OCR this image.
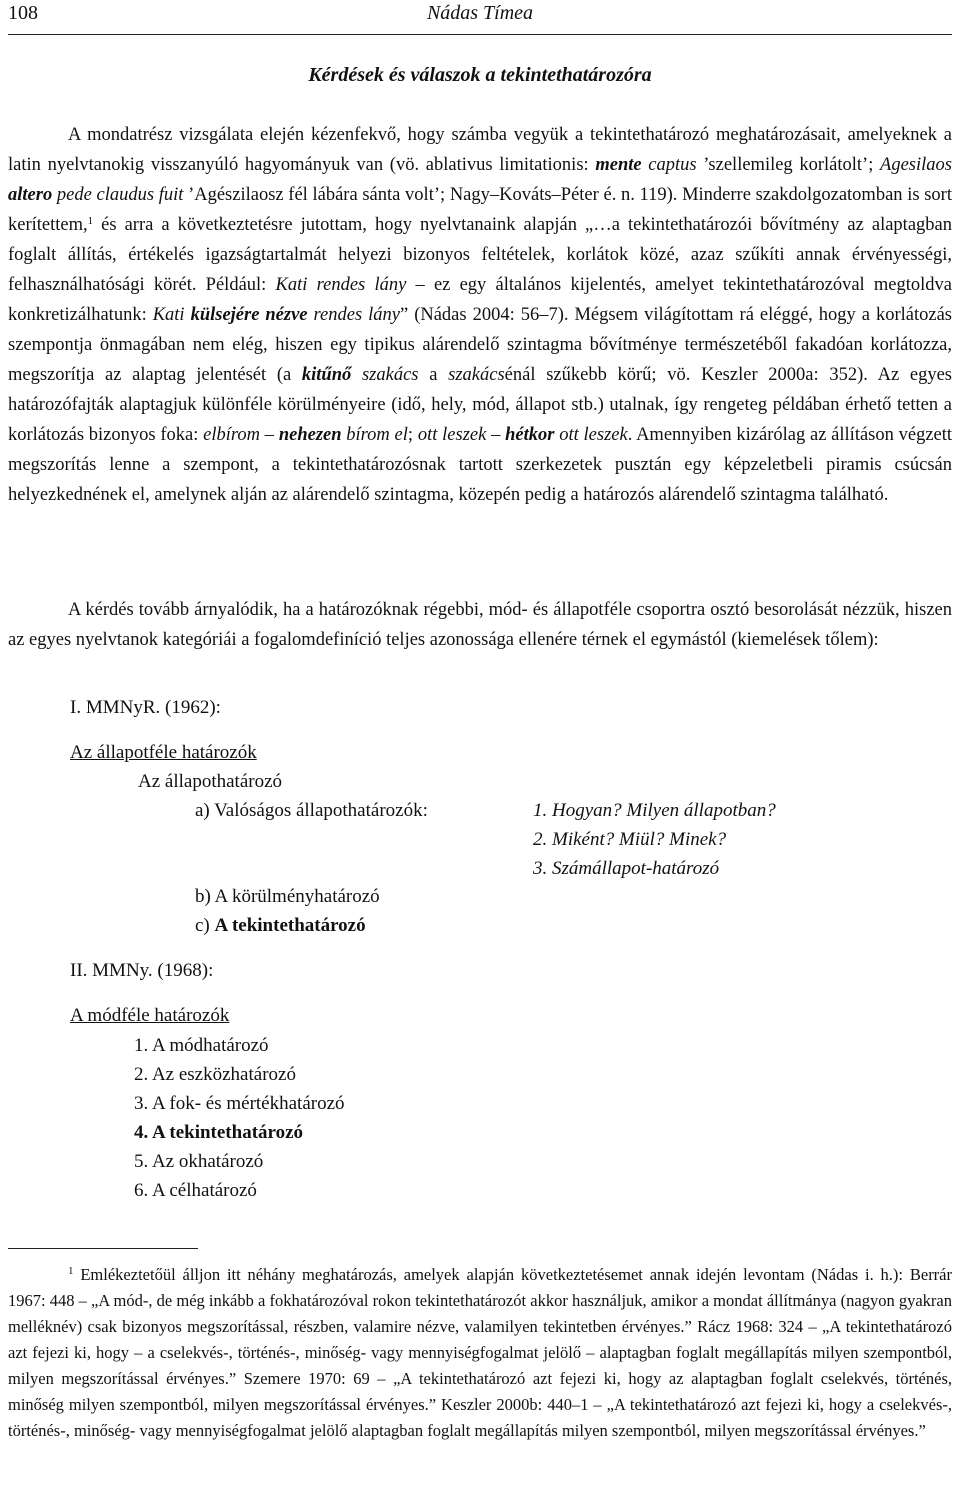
108	Nádas Tímea
Kérdések és válaszok a tekintethatározóra

A mondatrész vizsgálata elején kézenfekvő, hogy számba vegyük a tekintethatározó meghatározásait, amelyeknek a latin nyelvtanokig visszanyúló hagyományuk van (vö. ablativus limitationis: mente captus ’szellemileg korlátolt’; Agesilaos altero pede claudus fuit ’Agészilaosz fél lábára sánta volt’; Nagy–Kováts–Péter é. n. 119). Minderre szakdolgozatomban is sort kerítettem,$^1$ és arra a következtetésre jutottam, hogy nyelvtanaink alapján „…a tekintethatározói bővítmény az alaptagban foglalt állítás, értékelés igazságtartalmát helyezi bizonyos feltételek, korlátok közé, azaz szűkíti annak érvényességi, felhasználhatósági körét. Például: Kati rendes lány – ez egy általános kijelentés, amelyet tekintethatározóval megtoldva konkretizálhatunk: Kati külsejére nézve rendes lány” (Nádas 2004: 56–7). Mégsem világítottam rá eléggé, hogy a korlátozás szempontja önmagában nem elég, hiszen egy tipikus alárendelő szintagma bővítménye természetéből fakadóan korlátozza, megszorítja az alaptag jelentését (a kitűnő szakács a szakácsénál szűkebb körű; vö. Keszler 2000a: 352). Az egyes határozófajták alaptagjuk különféle körülményeire (idő, hely, mód, állapot stb.) utalnak, így rengeteg példában érhető tetten a korlátozás bizonyos foka: elbírom – nehezen bírom el; ott leszek – hétkor ott leszek. Amennyiben kizárólag az állításon végzett megszorítás lenne a szempont, a tekintethatározósnak tartott szerkezetek pusztán egy képzeletbeli piramis csúcsán helyezkednének el, amelynek alján az alárendelő szintagma, közepén pedig a határozós alárendelő szintagma található.

A kérdés tovább árnyalódik, ha a határozóknak régebbi, mód- és állapotféle csoportra osztó besorolását nézzük, hiszen az egyes nyelvtanok kategóriái a fogalomdefiníció teljes azonossága ellenére térnek el egymástól (kiemelések tőlem):

I. MMNyR. (1962):
Az állapotféle határozók
Az állapothatározó
a) Valóságos állapothatározók:	1. Hogyan? Milyen állapotban?
2. Miként? Miül? Minek?
3. Számállapot-határozó
b) A körülményhatározó
c) A tekintethatározó
II. MMNy. (1968):
A módféle határozók
1. A módhatározó
2. Az eszközhatározó
3. A fok- és mértékhatározó
4. A tekintethatározó
5. Az okhatározó
6. A célhatározó

$^1$ Emlékeztetőül álljon itt néhány meghatározás, amelyek alapján következtetésemet annak idején levontam (Nádas i. h.): Berrár 1967: 448 – „A mód-, de még inkább a fokhatározóval rokon tekintethatározót akkor használjuk, amikor a mondat állítmánya (nagyon gyakran melléknév) csak bizonyos megszorítással, részben, valamire nézve, valamilyen tekintetben érvényes.” Rácz 1968: 324 – „A tekintethatározó azt fejezi ki, hogy – a cselekvés-, történés-, minőség- vagy mennyiségfogalmat jelölő – alaptagban foglalt megállapítás milyen szempontból, milyen megszorítással érvényes.” Szemere 1970: 69 – „A tekintethatározó azt fejezi ki, hogy az alaptagban foglalt cselekvés, történés, minőség milyen szempontból, milyen megszorítással érvényes.” Keszler 2000b: 440–1 – „A tekintethatározó azt fejezi ki, hogy a cselekvés-, történés-, minőség- vagy mennyiségfogalmat jelölő alaptagban foglalt megállapítás milyen szempontból, milyen megszorítással érvényes.”
